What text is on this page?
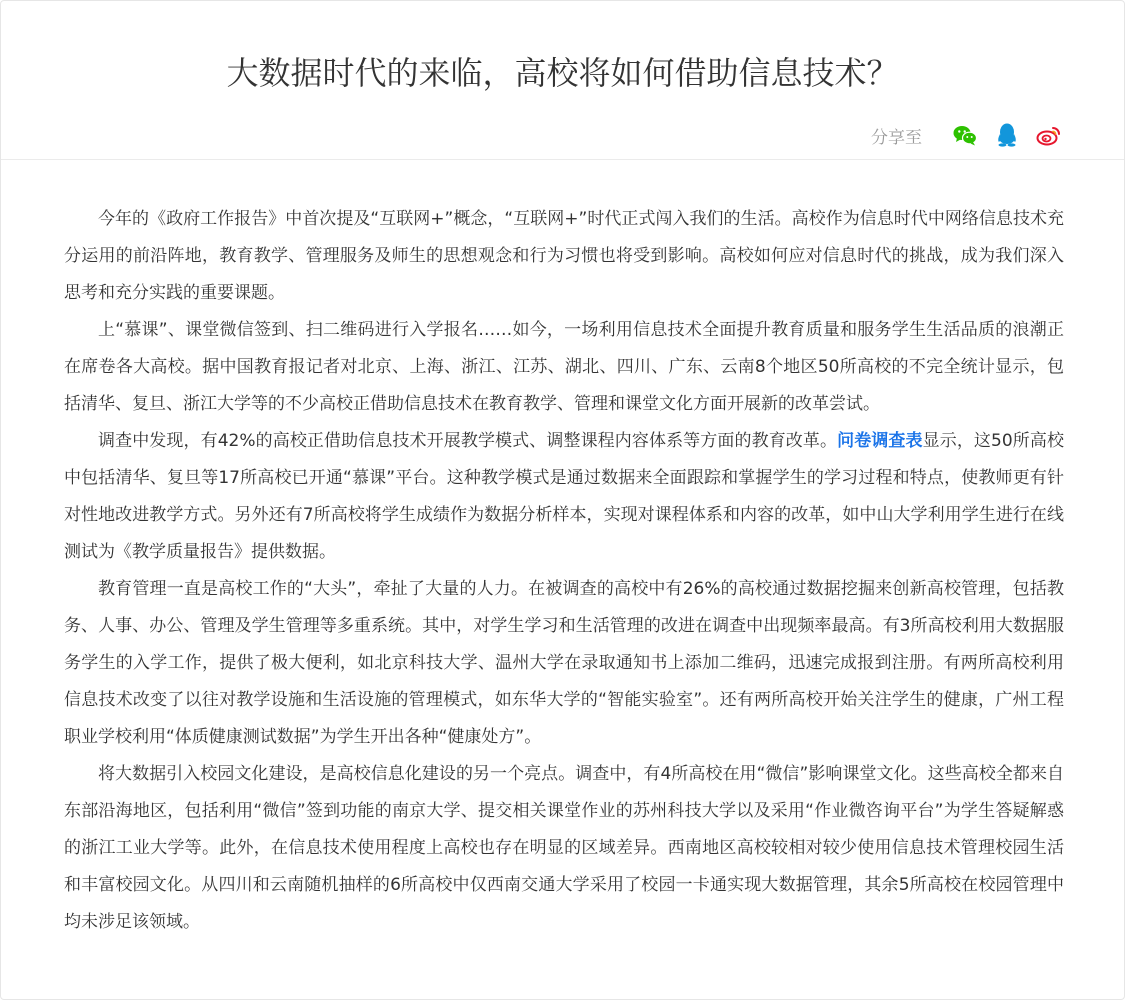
大数据时代的来临，高校将如何借助信息技术？
分享至

今年的《政府工作报告》中首次提及“互联网+”概念，“互联网+”时代正式闯入我们的生活。高校作为信息时代中网络信息技术充分运用的前沿阵地，教育教学、管理服务及师生的思想观念和行为习惯也将受到影响。高校如何应对信息时代的挑战，成为我们深入思考和充分实践的重要课题。

上“慕课”、课堂微信签到、扫二维码进行入学报名……如今，一场利用信息技术全面提升教育质量和服务学生生活品质的浪潮正在席卷各大高校。据中国教育报记者对北京、上海、浙江、江苏、湖北、四川、广东、云南8个地区50所高校的不完全统计显示，包括清华、复旦、浙江大学等的不少高校正借助信息技术在教育教学、管理和课堂文化方面开展新的改革尝试。

调查中发现，有42%的高校正借助信息技术开展教学模式、调整课程内容体系等方面的教育改革。问卷调查表显示，这50所高校中包括清华、复旦等17所高校已开通“慕课”平台。这种教学模式是通过数据来全面跟踪和掌握学生的学习过程和特点，使教师更有针对性地改进教学方式。另外还有7所高校将学生成绩作为数据分析样本，实现对课程体系和内容的改革，如中山大学利用学生进行在线测试为《教学质量报告》提供数据。

教育管理一直是高校工作的“大头”，牵扯了大量的人力。在被调查的高校中有26%的高校通过数据挖掘来创新高校管理，包括教务、人事、办公、管理及学生管理等多重系统。其中，对学生学习和生活管理的改进在调查中出现频率最高。有3所高校利用大数据服务学生的入学工作，提供了极大便利，如北京科技大学、温州大学在录取通知书上添加二维码，迅速完成报到注册。有两所高校利用信息技术改变了以往对教学设施和生活设施的管理模式，如东华大学的“智能实验室”。还有两所高校开始关注学生的健康，广州工程职业学校利用“体质健康测试数据”为学生开出各种“健康处方”。

将大数据引入校园文化建设，是高校信息化建设的另一个亮点。调查中，有4所高校在用“微信”影响课堂文化。这些高校全都来自东部沿海地区，包括利用“微信”签到功能的南京大学、提交相关课堂作业的苏州科技大学以及采用“作业微咨询平台”为学生答疑解惑的浙江工业大学等。此外，在信息技术使用程度上高校也存在明显的区域差异。西南地区高校较相对较少使用信息技术管理校园生活和丰富校园文化。从四川和云南随机抽样的6所高校中仅西南交通大学采用了校园一卡通实现大数据管理，其余5所高校在校园管理中均未涉足该领域。
